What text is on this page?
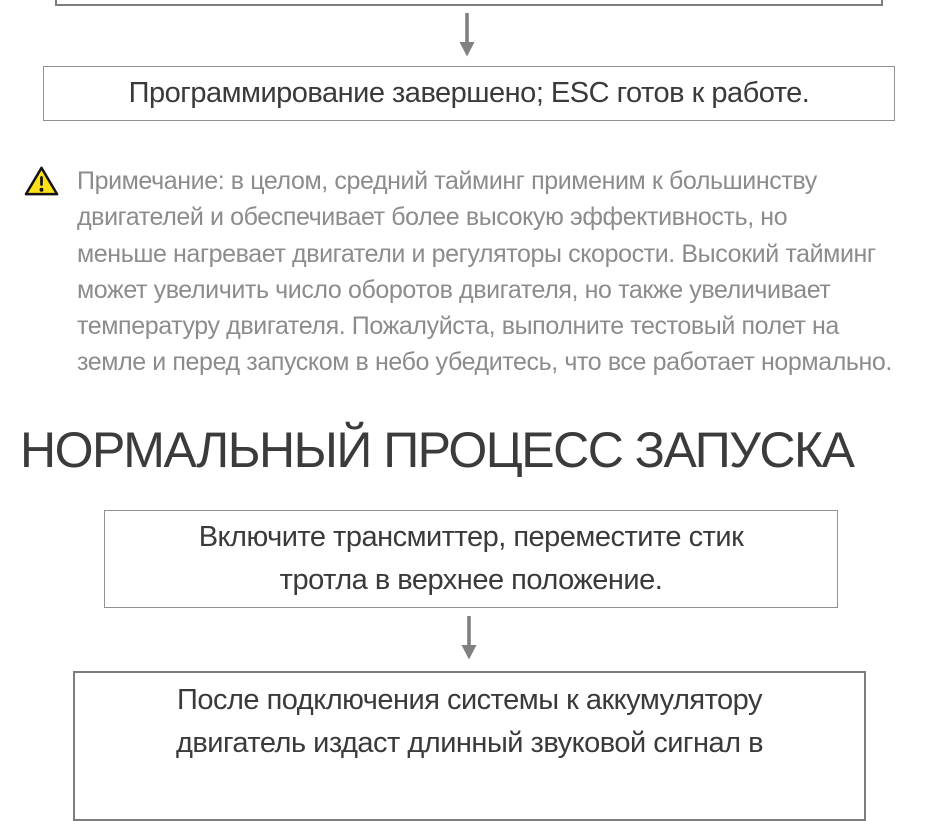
Программирование завершено; ESC готов к работе.
Примечание: в целом, средний тайминг применим к большинству
двигателей и обеспечивает более высокую эффективность, но
меньше нагревает двигатели и регуляторы скорости. Высокий тайминг
может увеличить число оборотов двигателя, но также увеличивает
температуру двигателя. Пожалуйста, выполните тестовый полет на
земле и перед запуском в небо убедитесь, что все работает нормально.
НОРМАЛЬНЫЙ ПРОЦЕСС ЗАПУСКА
Включите трансмиттер, переместите стик
тротла в верхнее положение.
После подключения системы к аккумулятору
двигатель издаст длинный звуковой сигнал в
